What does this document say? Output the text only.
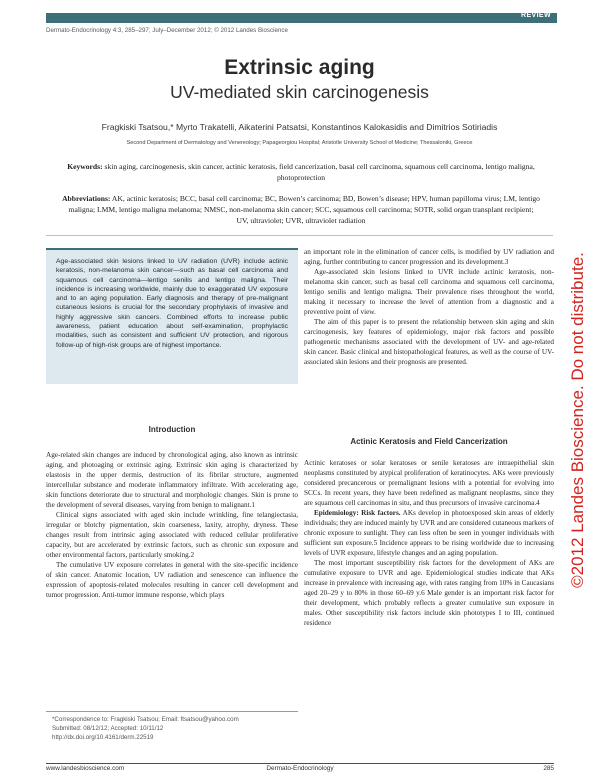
REVIEW
Dermato-Endocrinology 4:3, 285–297; July–December 2012; © 2012 Landes Bioscience
Extrinsic aging
UV-mediated skin carcinogenesis
Fragkiski Tsatsou,* Myrto Trakatelli, Aikaterini Patsatsi, Konstantinos Kalokasidis and Dimitrios Sotiriadis
Second Department of Dermatology and Venereology; Papageorgiou Hospital; Aristotle University School of Medicine; Thessaloniki, Greece
Keywords: skin aging, carcinogenesis, skin cancer, actinic keratosis, field cancerization, basal cell carcinoma, squamous cell carcinoma, lentigo maligna, photoprotection
Abbreviations: AK, actinic keratosis; BCC, basal cell carcinoma; BC, Bowen’s carcinoma; BD, Bowen’s disease; HPV, human papilloma virus; LM, lentigo maligna; LMM, lentigo maligna melanoma; NMSC, non-melanoma skin cancer; SCC, squamous cell carcinoma; SOTR, solid organ transplant recipient; UV, ultraviolet; UVR, ultraviolet radiation

Age-associated skin lesions linked to UV radiation (UVR) include actinic keratosis, non-melanoma skin cancer—such as basal cell carcinoma and squamous cell carcinoma—lentigo senilis and lentigo maligna. Their incidence is increasing worldwide, mainly due to exaggerated UV exposure and to an aging population. Early diagnosis and therapy of pre-malignant cutaneous lesions is crucial for the secondary prophylaxis of invasive and highly aggressive skin cancers. Combined efforts to increase public awareness, patient education about self-examination, prophylactic modalities, such as consistent and sufficient UV protection, and rigorous follow-up of high-risk groups are of highest importance.

Introduction

Age-related skin changes are induced by chronological aging, also known as intrinsic aging, and photoaging or extrinsic aging. Extrinsic skin aging is characterized by elastosis in the upper dermis, destruction of its fibrilar structure, augmented intercellular substance and moderate inflammatory infiltrate. With accelerating age, skin functions deteriorate due to structural and morphologic changes. Skin is prone to the development of several diseases, varying from benign to malignant.1

Clinical signs associated with aged skin include wrinkling, fine telangiectasia, irregular or blotchy pigmentation, skin coarseness, laxity, atrophy, dryness. These changes result from intrinsic aging associated with reduced cellular proliferative capacity, but are accelerated by extrinsic factors, such as chronic sun exposure and other environmental factors, particularly smoking.2

The cumulative UV exposure correlates in general with the site-specific incidence of skin cancer. Anatomic location, UV radiation and senescence can influence the expression of apoptosis-related molecules resulting in cancer cell development and tumor progression. Anti-tumor immune response, which plays

an important role in the elimination of cancer cells, is modified by UV radiation and aging, further contributing to cancer progression and its development.3

Age-associated skin lesions linked to UVR include actinic keratosis, non-melanoma skin cancer, such as basal cell carcinoma and squamous cell carcinoma, lentigo senilis and lentigo maligna. Their prevalence rises throughout the world, making it necessary to increase the level of attention from a diagnostic and a preventive point of view.

The aim of this paper is to present the relationship between skin aging and skin carcinogenesis, key features of epidemiology, major risk factors and possible pathogenetic mechanisms associated with the development of UV- and age-related skin cancer. Basic clinical and histopathological features, as well as the course of UV-associated skin lesions and their prognosis are presented.

Actinic Keratosis and Field Cancerization

Actinic keratoses or solar keratoses or senile keratoses are intraepithelial skin neoplasms constituted by atypical proliferation of keratinocytes. AKs were previously considered precancerous or premalignant lesions with a potential for evolving into SCCs. In recent years, they have been redefined as malignant neoplasms, since they are squamous cell carcinomas in situ, and thus precursors of invasive carcinoma.4

Epidemiology: Risk factors. AKs develop in photoexposed skin areas of elderly individuals; they are induced mainly by UVR and are considered cutaneous markers of chronic exposure to sunlight. They can less often be seen in younger individuals with sufficient sun exposure.5 Incidence appears to be rising worldwide due to increasing levels of UVR exposure, lifestyle changes and an aging population.

The most important susceptibility risk factors for the development of AKs are cumulative exposure to UVR and age. Epidemiological studies indicate that AKs increase in prevalence with increasing age, with rates ranging from 10% in Caucasians aged 20–29 y to 80% in those 60–69 y.6 Male gender is an important risk factor for their development, which probably reflects a greater cumulative sun exposure in males. Other susceptibility risk factors include skin phototypes I to III, continued residence

*Correspondence to: Fragkiski Tsatsou; Email: ftsatsou@yahoo.com
Submitted: 08/12/12; Accepted: 10/11/12
http://dx.doi.org/10.4161/derm.22519
www.landesbioscience.com	Dermato-Endocrinology	285
©2012 Landes Bioscience. Do not distribute.
